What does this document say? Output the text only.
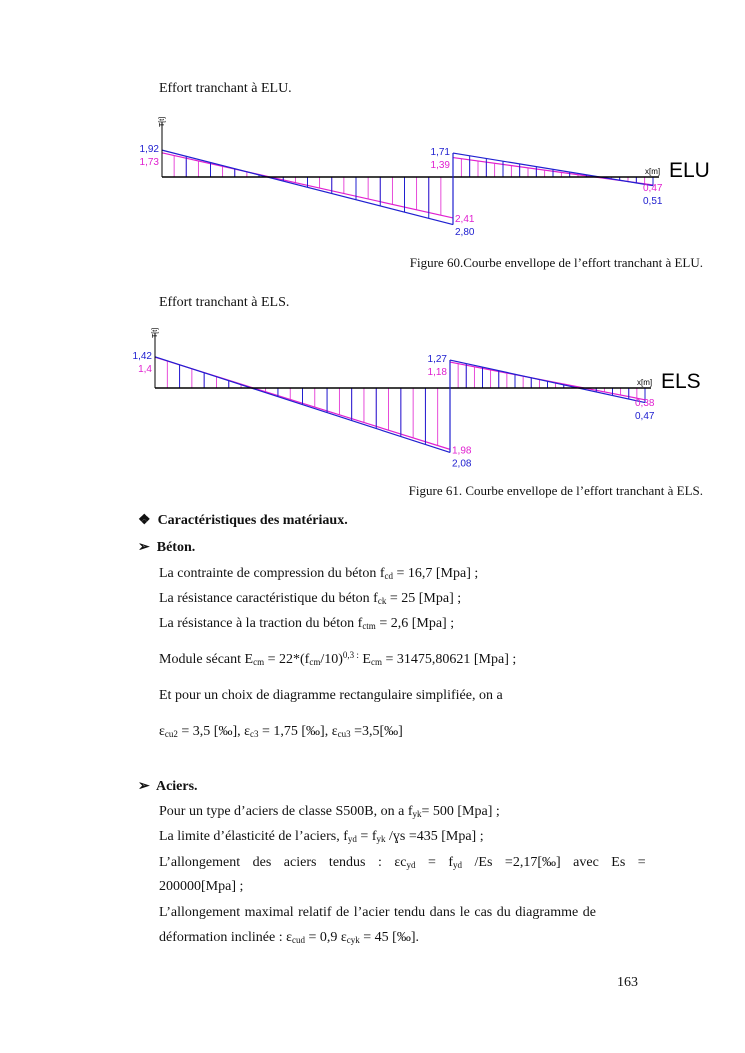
Effort tranchant à ELU.
1,92
1,73
2,41
2,80
1,71
1,39
0,47
0,51
x[m]
T[t]
ELU
Figure 60.Courbe envellope de l’effort tranchant à ELU.
Effort tranchant à ELS.
1,42
1,4
1,98
2,08
1,27
1,18
0,38
0,47
x[m]
T[t]
ELS
Figure 61. Courbe envellope de l’effort tranchant à ELS.
❖ Caractéristiques des matériaux.
➢ Béton.
La contrainte de compression du béton $f_{cd} = 16,7$ [Mpa] ;
La résistance caractéristique du béton $f_{ck} = 25$ [Mpa] ;
La résistance à la traction du béton $f_{ctm} = 2,6$ [Mpa] ;
Module sécant $E_{cm} = 22*(f_{cm}/10)^{0,3 :}$ $E_{cm} = 31475,80621$ [Mpa] ;
Et pour un choix de diagramme rectangulaire simplifiée, on a
$\varepsilon_{cu2} = 3,5$ [‰], $\varepsilon_{c3} = 1,75$ [‰], $\varepsilon_{cu3}$ =3,5[‰]
➢ Aciers.
Pour un type d’aciers de classe S500B, on a $f_{yk}= 500$ [Mpa] ;
La limite d’élasticité de l’aciers, $f_{yd} = f_{yk}$ /ɣs =435 [Mpa] ;
L’allongement des aciers tendus : $\varepsilon c_{yd} = f_{yd}$ /Es =2,17[‰] avec Es =
200000[Mpa] ;
L’allongement maximal relatif de l’acier tendu dans le cas du diagramme de
déformation inclinée : $\varepsilon_{cud} = 0,9$ $\varepsilon_{cyk} = 45$ [‰].
163
